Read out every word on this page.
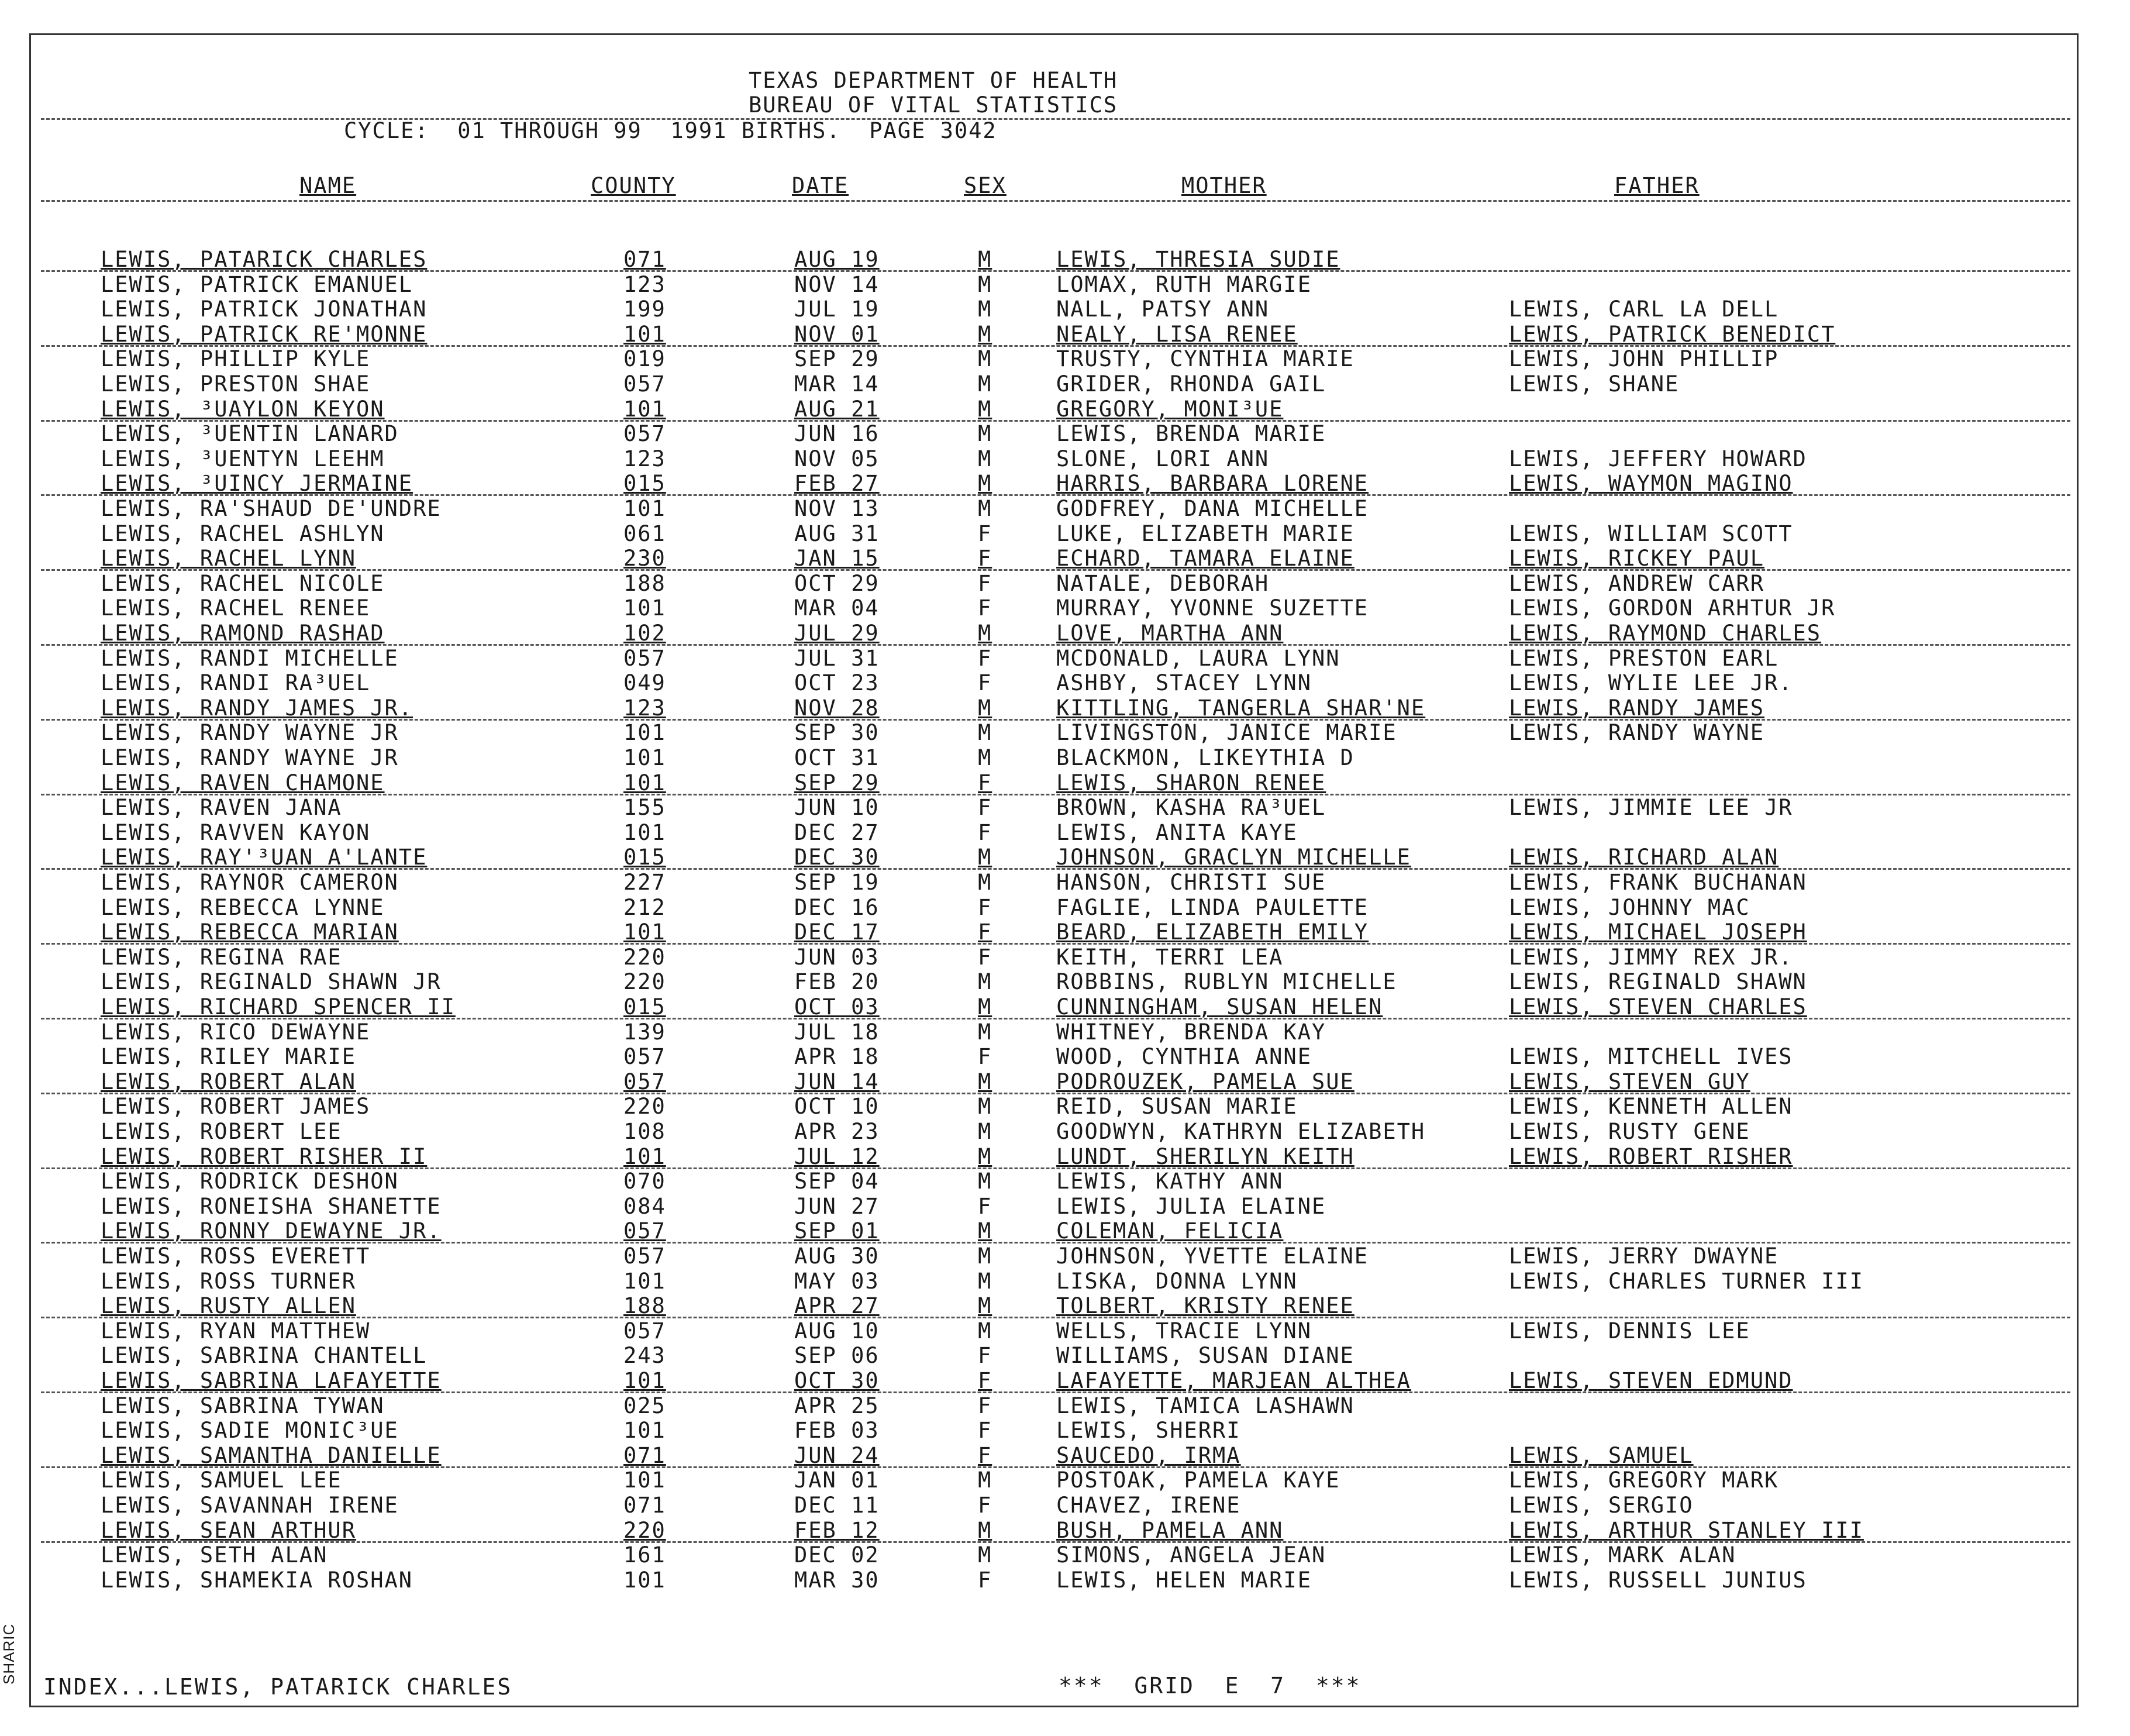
TEXAS DEPARTMENT OF HEALTH
BUREAU OF VITAL STATISTICS
CYCLE:  01 THROUGH 99  1991 BIRTHS.  PAGE 3042
NAME	COUNTY	DATE	SEX	MOTHER	FATHER
LEWIS, PATARICK CHARLES	071	AUG 19	M	LEWIS, THRESIA SUDIE
LEWIS, PATRICK EMANUEL	123	NOV 14	M	LOMAX, RUTH MARGIE
LEWIS, PATRICK JONATHAN	199	JUL 19	M	NALL, PATSY ANN	LEWIS, CARL LA DELL
LEWIS, PATRICK RE'MONNE	101	NOV 01	M	NEALY, LISA RENEE	LEWIS, PATRICK BENEDICT
LEWIS, PHILLIP KYLE	019	SEP 29	M	TRUSTY, CYNTHIA MARIE	LEWIS, JOHN PHILLIP
LEWIS, PRESTON SHAE	057	MAR 14	M	GRIDER, RHONDA GAIL	LEWIS, SHANE
LEWIS, ³UAYLON KEYON	101	AUG 21	M	GREGORY, MONI³UE
LEWIS, ³UENTIN LANARD	057	JUN 16	M	LEWIS, BRENDA MARIE
LEWIS, ³UENTYN LEEHM	123	NOV 05	M	SLONE, LORI ANN	LEWIS, JEFFERY HOWARD
LEWIS, ³UINCY JERMAINE	015	FEB 27	M	HARRIS, BARBARA LORENE	LEWIS, WAYMON MAGINO
LEWIS, RA'SHAUD DE'UNDRE	101	NOV 13	M	GODFREY, DANA MICHELLE
LEWIS, RACHEL ASHLYN	061	AUG 31	F	LUKE, ELIZABETH MARIE	LEWIS, WILLIAM SCOTT
LEWIS, RACHEL LYNN	230	JAN 15	F	ECHARD, TAMARA ELAINE	LEWIS, RICKEY PAUL
LEWIS, RACHEL NICOLE	188	OCT 29	F	NATALE, DEBORAH	LEWIS, ANDREW CARR
LEWIS, RACHEL RENEE	101	MAR 04	F	MURRAY, YVONNE SUZETTE	LEWIS, GORDON ARHTUR JR
LEWIS, RAMOND RASHAD	102	JUL 29	M	LOVE, MARTHA ANN	LEWIS, RAYMOND CHARLES
LEWIS, RANDI MICHELLE	057	JUL 31	F	MCDONALD, LAURA LYNN	LEWIS, PRESTON EARL
LEWIS, RANDI RA³UEL	049	OCT 23	F	ASHBY, STACEY LYNN	LEWIS, WYLIE LEE JR.
LEWIS, RANDY JAMES JR.	123	NOV 28	M	KITTLING, TANGERLA SHAR'NE	LEWIS, RANDY JAMES
LEWIS, RANDY WAYNE JR	101	SEP 30	M	LIVINGSTON, JANICE MARIE	LEWIS, RANDY WAYNE
LEWIS, RANDY WAYNE JR	101	OCT 31	M	BLACKMON, LIKEYTHIA D
LEWIS, RAVEN CHAMONE	101	SEP 29	F	LEWIS, SHARON RENEE
LEWIS, RAVEN JANA	155	JUN 10	F	BROWN, KASHA RA³UEL	LEWIS, JIMMIE LEE JR
LEWIS, RAVVEN KAYON	101	DEC 27	F	LEWIS, ANITA KAYE
LEWIS, RAY'³UAN A'LANTE	015	DEC 30	M	JOHNSON, GRACLYN MICHELLE	LEWIS, RICHARD ALAN
LEWIS, RAYNOR CAMERON	227	SEP 19	M	HANSON, CHRISTI SUE	LEWIS, FRANK BUCHANAN
LEWIS, REBECCA LYNNE	212	DEC 16	F	FAGLIE, LINDA PAULETTE	LEWIS, JOHNNY MAC
LEWIS, REBECCA MARIAN	101	DEC 17	F	BEARD, ELIZABETH EMILY	LEWIS, MICHAEL JOSEPH
LEWIS, REGINA RAE	220	JUN 03	F	KEITH, TERRI LEA	LEWIS, JIMMY REX JR.
LEWIS, REGINALD SHAWN JR	220	FEB 20	M	ROBBINS, RUBLYN MICHELLE	LEWIS, REGINALD SHAWN
LEWIS, RICHARD SPENCER II	015	OCT 03	M	CUNNINGHAM, SUSAN HELEN	LEWIS, STEVEN CHARLES
LEWIS, RICO DEWAYNE	139	JUL 18	M	WHITNEY, BRENDA KAY
LEWIS, RILEY MARIE	057	APR 18	F	WOOD, CYNTHIA ANNE	LEWIS, MITCHELL IVES
LEWIS, ROBERT ALAN	057	JUN 14	M	PODROUZEK, PAMELA SUE	LEWIS, STEVEN GUY
LEWIS, ROBERT JAMES	220	OCT 10	M	REID, SUSAN MARIE	LEWIS, KENNETH ALLEN
LEWIS, ROBERT LEE	108	APR 23	M	GOODWYN, KATHRYN ELIZABETH	LEWIS, RUSTY GENE
LEWIS, ROBERT RISHER II	101	JUL 12	M	LUNDT, SHERILYN KEITH	LEWIS, ROBERT RISHER
LEWIS, RODRICK DESHON	070	SEP 04	M	LEWIS, KATHY ANN
LEWIS, RONEISHA SHANETTE	084	JUN 27	F	LEWIS, JULIA ELAINE
LEWIS, RONNY DEWAYNE JR.	057	SEP 01	M	COLEMAN, FELICIA
LEWIS, ROSS EVERETT	057	AUG 30	M	JOHNSON, YVETTE ELAINE	LEWIS, JERRY DWAYNE
LEWIS, ROSS TURNER	101	MAY 03	M	LISKA, DONNA LYNN	LEWIS, CHARLES TURNER III
LEWIS, RUSTY ALLEN	188	APR 27	M	TOLBERT, KRISTY RENEE
LEWIS, RYAN MATTHEW	057	AUG 10	M	WELLS, TRACIE LYNN	LEWIS, DENNIS LEE
LEWIS, SABRINA CHANTELL	243	SEP 06	F	WILLIAMS, SUSAN DIANE
LEWIS, SABRINA LAFAYETTE	101	OCT 30	F	LAFAYETTE, MARJEAN ALTHEA	LEWIS, STEVEN EDMUND
LEWIS, SABRINA TYWAN	025	APR 25	F	LEWIS, TAMICA LASHAWN
LEWIS, SADIE MONIC³UE	101	FEB 03	F	LEWIS, SHERRI
LEWIS, SAMANTHA DANIELLE	071	JUN 24	F	SAUCEDO, IRMA	LEWIS, SAMUEL
LEWIS, SAMUEL LEE	101	JAN 01	M	POSTOAK, PAMELA KAYE	LEWIS, GREGORY MARK
LEWIS, SAVANNAH IRENE	071	DEC 11	F	CHAVEZ, IRENE	LEWIS, SERGIO
LEWIS, SEAN ARTHUR	220	FEB 12	M	BUSH, PAMELA ANN	LEWIS, ARTHUR STANLEY III
LEWIS, SETH ALAN	161	DEC 02	M	SIMONS, ANGELA JEAN	LEWIS, MARK ALAN
LEWIS, SHAMEKIA ROSHAN	101	MAR 30	F	LEWIS, HELEN MARIE	LEWIS, RUSSELL JUNIUS
INDEX...LEWIS, PATARICK CHARLES	***  GRID  E  7  ***
SHARIC
